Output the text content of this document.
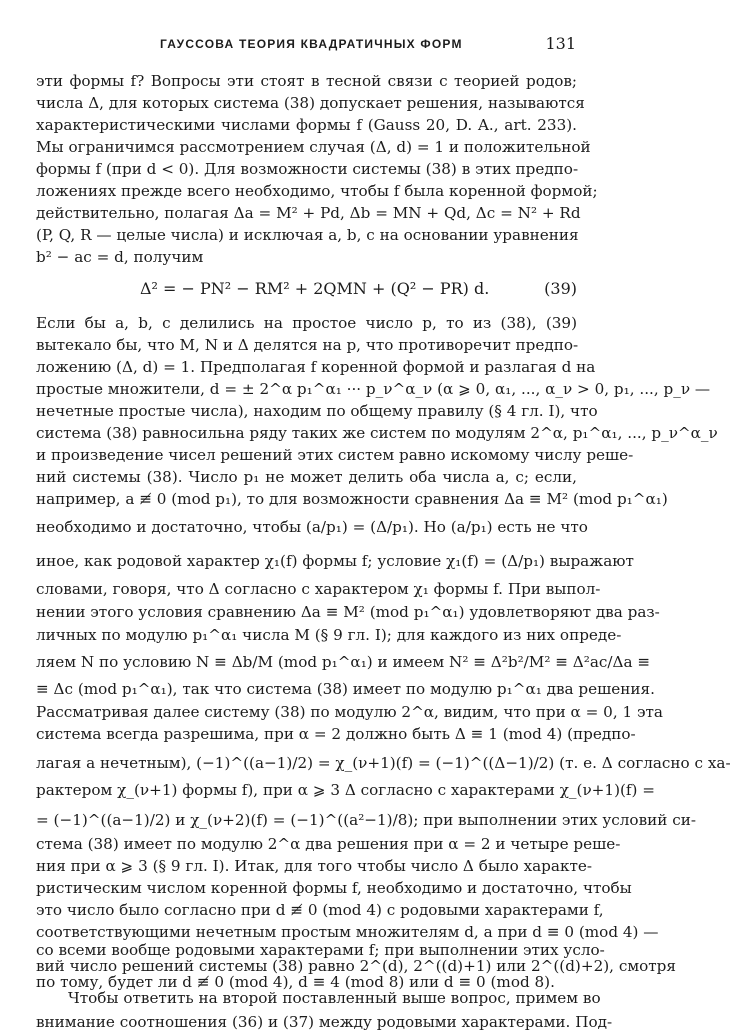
ГАУССОВА ТЕОРИЯ КВАДРАТИЧНЫХ ФОРМ	131
эти формы f? Вопросы эти стоят в тесной связи с теорией родов;
числа Δ, для которых система (38) допускает решения, называются
характеристическими числами формы f (Gauss 20, D. A., art. 233).
Мы ограничимся рассмотрением случая (Δ, d) = 1 и положительной
формы f (при d < 0). Для возможности системы (38) в этих предпо-
ложениях прежде всего необходимо, чтобы f была коренной формой;
действительно, полагая Δa = M² + Pd, Δb = MN + Qd, Δc = N² + Rd
(P, Q, R — целые числа) и исключая a, b, c на основании уравнения
b² − ac = d, получим
Δ² = − PN² − RM² + 2QMN + (Q² − PR) d.	(39)
Если бы a, b, c делились на простое число p, то из (38), (39)
вытекало бы, что M, N и Δ делятся на p, что противоречит предпо-
ложению (Δ, d) = 1. Предполагая f коренной формой и разлагая d на
простые множители, d = ± 2^α p₁^α₁ ··· p_ν^α_ν (α ⩾ 0, α₁, ..., α_ν > 0, p₁, ..., p_ν —
нечетные простые числа), находим по общему правилу (§ 4 гл. I), что
система (38) равносильна ряду таких же систем по модулям 2^α, p₁^α₁, ..., p_ν^α_ν
и произведение чисел решений этих систем равно искомому числу реше-
ний системы (38). Число p₁ не может делить оба числа a, c; если,
например, a ≢ 0 (mod p₁), то для возможности сравнения Δa ≡ M² (mod p₁^α₁)
необходимо и достаточно, чтобы (a/p₁) = (Δ/p₁). Но (a/p₁) есть не что
иное, как родовой характер χ₁(f) формы f; условие χ₁(f) = (Δ/p₁) выражают
словами, говоря, что Δ согласно с характером χ₁ формы f. При выпол-
нении этого условия сравнению Δa ≡ M² (mod p₁^α₁) удовлетворяют два раз-
личных по модулю p₁^α₁ числа M (§ 9 гл. I); для каждого из них опреде-
ляем N по условию N ≡ Δb/M (mod p₁^α₁) и имеем N² ≡ Δ²b²/M² ≡ Δ²ac/Δa ≡
≡ Δc (mod p₁^α₁), так что система (38) имеет по модулю p₁^α₁ два решения.
Рассматривая далее систему (38) по модулю 2^α, видим, что при α = 0, 1 эта
система всегда разрешима, при α = 2 должно быть Δ ≡ 1 (mod 4) (предпо-
лагая a нечетным), (−1)^((a−1)/2) = χ_(ν+1)(f) = (−1)^((Δ−1)/2) (т. е. Δ согласно с ха-
рактером χ_(ν+1) формы f), при α ⩾ 3 Δ согласно с характерами χ_(ν+1)(f) =
= (−1)^((a−1)/2) и χ_(ν+2)(f) = (−1)^((a²−1)/8); при выполнении этих условий си-
стема (38) имеет по модулю 2^α два решения при α = 2 и четыре реше-
ния при α ⩾ 3 (§ 9 гл. I). Итак, для того чтобы число Δ было характе-
ристическим числом коренной формы f, необходимо и достаточно, чтобы
это число было согласно при d ≢ 0 (mod 4) с родовыми характерами f,
соответствующими нечетным простым множителям d, а при d ≡ 0 (mod 4) —
со всеми вообще родовыми характерами f; при выполнении этих усло-
вий число решений системы (38) равно 2^(d), 2^((d)+1) или 2^((d)+2), смотря
по тому, будет ли d ≢ 0 (mod 4), d ≡ 4 (mod 8) или d ≡ 0 (mod 8).
Чтобы ответить на второй поставленный выше вопрос, примем во
внимание соотношения (36) и (37) между родовыми характерами. Под-
